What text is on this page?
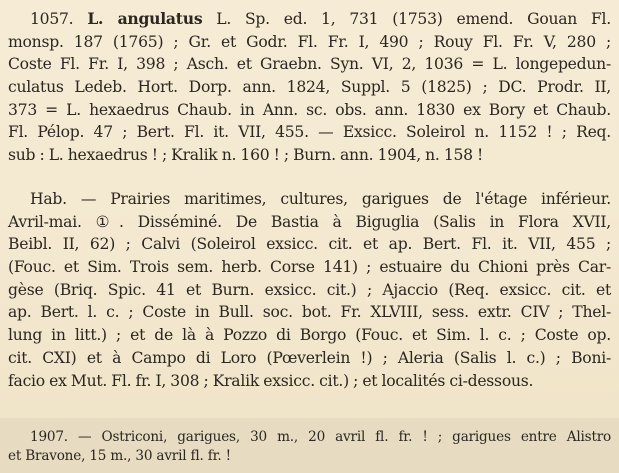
1057. L. angulatus L. Sp. ed. 1, 731 (1753) emend. Gouan Fl.
monsp. 187 (1765) ; Gr. et Godr. Fl. Fr. I, 490 ; Rouy Fl. Fr. V, 280 ;
Coste Fl. Fr. I, 398 ; Asch. et Graebn. Syn. VI, 2, 1036 = L. longepedun-
culatus Ledeb. Hort. Dorp. ann. 1824, Suppl. 5 (1825) ; DC. Prodr. II,
373 = L. hexaedrus Chaub. in Ann. sc. obs. ann. 1830 ex Bory et Chaub.
Fl. Pélop. 47 ; Bert. Fl. it. VII, 455. — Exsicc. Soleirol n. 1152 ! ; Req.
sub : L. hexaedrus ! ; Kralik n. 160 ! ; Burn. ann. 1904, n. 158 !
Hab. — Prairies maritimes, cultures, garigues de l'étage inférieur.
Avril-mai. ①. Disséminé. De Bastia à Biguglia (Salis in Flora XVII,
Beibl. II, 62) ; Calvi (Soleirol exsicc. cit. et ap. Bert. Fl. it. VII, 455 ;
(Fouc. et Sim. Trois sem. herb. Corse 141) ; estuaire du Chioni près Car-
gèse (Briq. Spic. 41 et Burn. exsicc. cit.) ; Ajaccio (Req. exsicc. cit. et
ap. Bert. l. c. ; Coste in Bull. soc. bot. Fr. XLVIII, sess. extr. CIV ; Thel-
lung in litt.) ; et de là à Pozzo di Borgo (Fouc. et Sim. l. c. ; Coste op.
cit. CXI) et à Campo di Loro (Pœverlein !) ; Aleria (Salis l. c.) ; Boni-
facio ex Mut. Fl. fr. I, 308 ; Kralik exsicc. cit.) ; et localités ci-dessous.
1907. — Ostriconi, garigues, 30 m., 20 avril fl. fr. ! ; garigues entre Alistro
et Bravone, 15 m., 30 avril fl. fr. !
